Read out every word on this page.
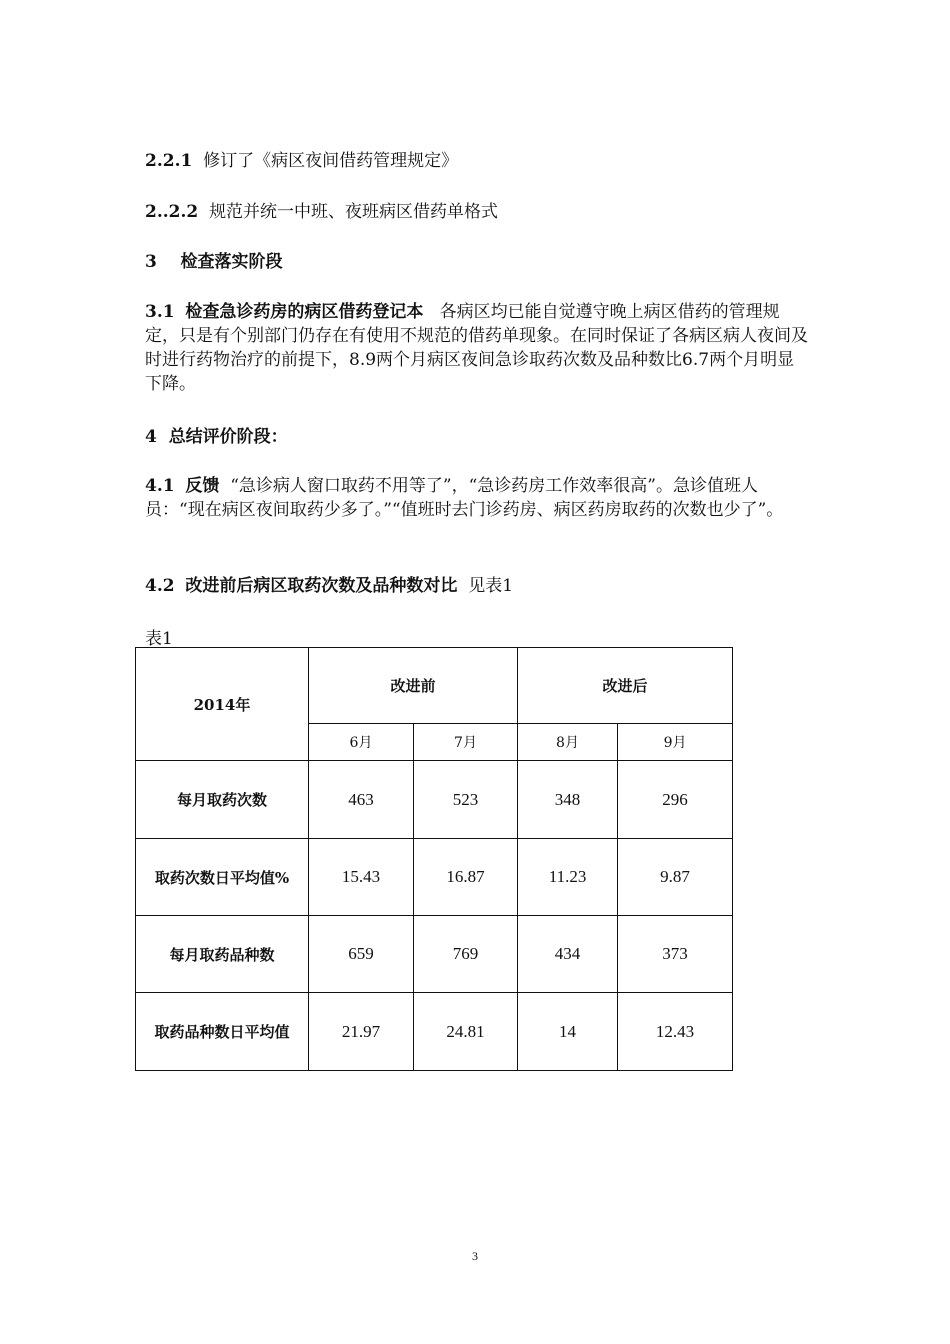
2.2.1 修订了《病区夜间借药管理规定》
2..2.2 规范并统一中班、夜班病区借药单格式
3 检查落实阶段
3.1 检查急诊药房的病区借药登记本 各病区均已能自觉遵守晚上病区借药的管理规定，只是有个别部门仍存在有使用不规范的借药单现象。在同时保证了各病区病人夜间及时进行药物治疗的前提下，8.9两个月病区夜间急诊取药次数及品种数比6.7两个月明显下降。
4 总结评价阶段：
4.1 反馈 “急诊病人窗口取药不用等了”，“急诊药房工作效率很高”。急诊值班人员：“现在病区夜间取药少多了。”“值班时去门诊药房、病区药房取药的次数也少了”。
4.2 改进前后病区取药次数及品种数对比 见表1
表1
2014年	改进前		改进后	
	6月	7月	8月	9月
每月取药次数	463	523	348	296
取药次数日平均值%	15.43	16.87	11.23	9.87
每月取药品种数	659	769	434	373
取药品种数日平均值	21.97	24.81	14	12.43
3
